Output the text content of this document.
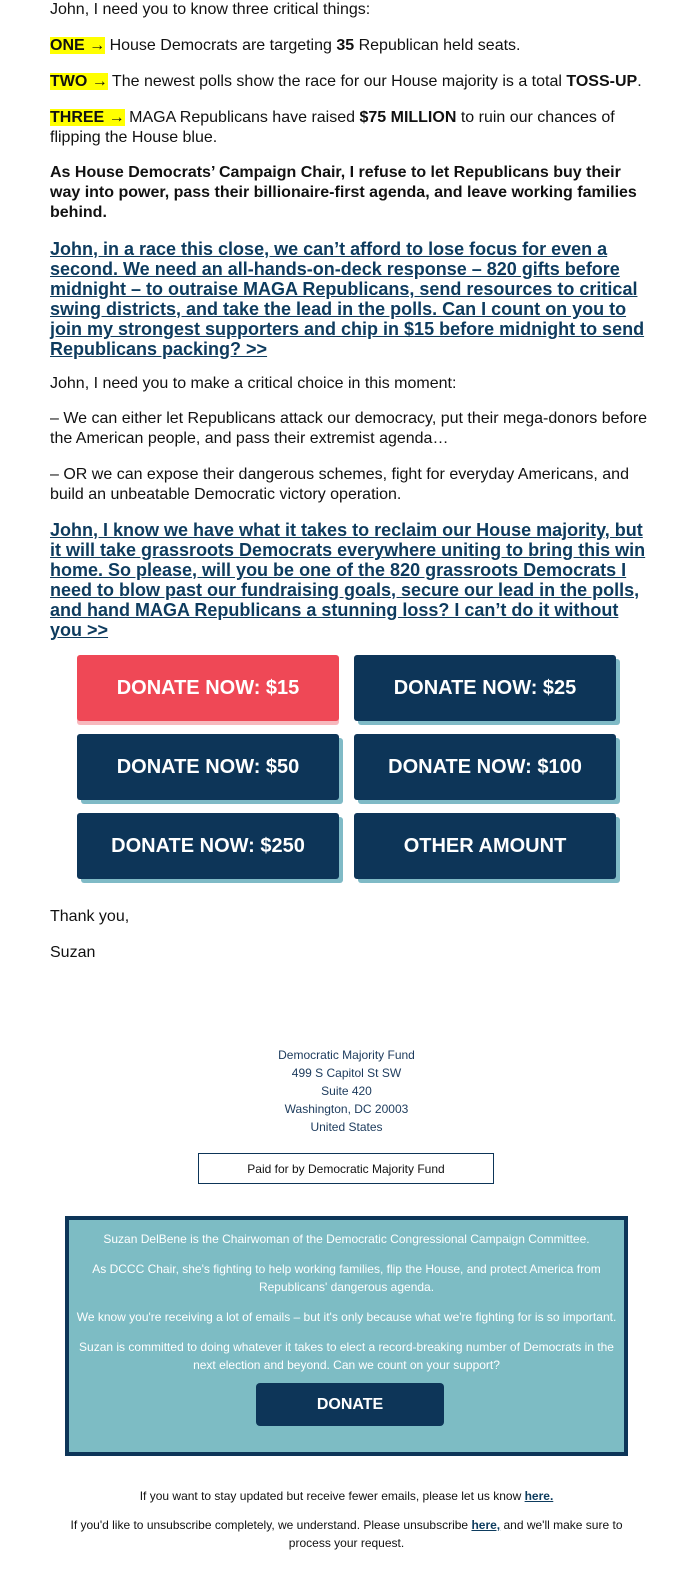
John, I need you to know three critical things:

ONE → House Democrats are targeting 35 Republican held seats.

TWO → The newest polls show the race for our House majority is a total TOSS-UP.

THREE → MAGA Republicans have raised $75 MILLION to ruin our chances of flipping the House blue.

As House Democrats’ Campaign Chair, I refuse to let Republicans buy their way into power, pass their billionaire-first agenda, and leave working families behind.

John, in a race this close, we can’t afford to lose focus for even a second. We need an all-hands-on-deck response – 820 gifts before midnight – to outraise MAGA Republicans, send resources to critical swing districts, and take the lead in the polls. Can I count on you to join my strongest supporters and chip in $15 before midnight to send Republicans packing? >>

John, I need you to make a critical choice in this moment:

– We can either let Republicans attack our democracy, put their mega-donors before the American people, and pass their extremist agenda…

– OR we can expose their dangerous schemes, fight for everyday Americans, and build an unbeatable Democratic victory operation.

John, I know we have what it takes to reclaim our House majority, but it will take grassroots Democrats everywhere uniting to bring this win home. So please, will you be one of the 820 grassroots Democrats I need to blow past our fundraising goals, secure our lead in the polls, and hand MAGA Republicans a stunning loss? I can’t do it without you >>

DONATE NOW: $15	DONATE NOW: $25
DONATE NOW: $50	DONATE NOW: $100
DONATE NOW: $250	OTHER AMOUNT
Thank you,
Suzan
Democratic Majority Fund
499 S Capitol St SW
Suite 420
Washington, DC 20003
United States
Paid for by Democratic Majority Fund
Suzan DelBene is the Chairwoman of the Democratic Congressional Campaign Committee.
As DCCC Chair, she's fighting to help working families, flip the House, and protect America from Republicans' dangerous agenda.
We know you're receiving a lot of emails – but it's only because what we're fighting for is so important.
Suzan is committed to doing whatever it takes to elect a record-breaking number of Democrats in the next election and beyond. Can we count on your support?
DONATE
If you want to stay updated but receive fewer emails, please let us know here.
If you'd like to unsubscribe completely, we understand. Please unsubscribe here, and we'll make sure to process your request.
